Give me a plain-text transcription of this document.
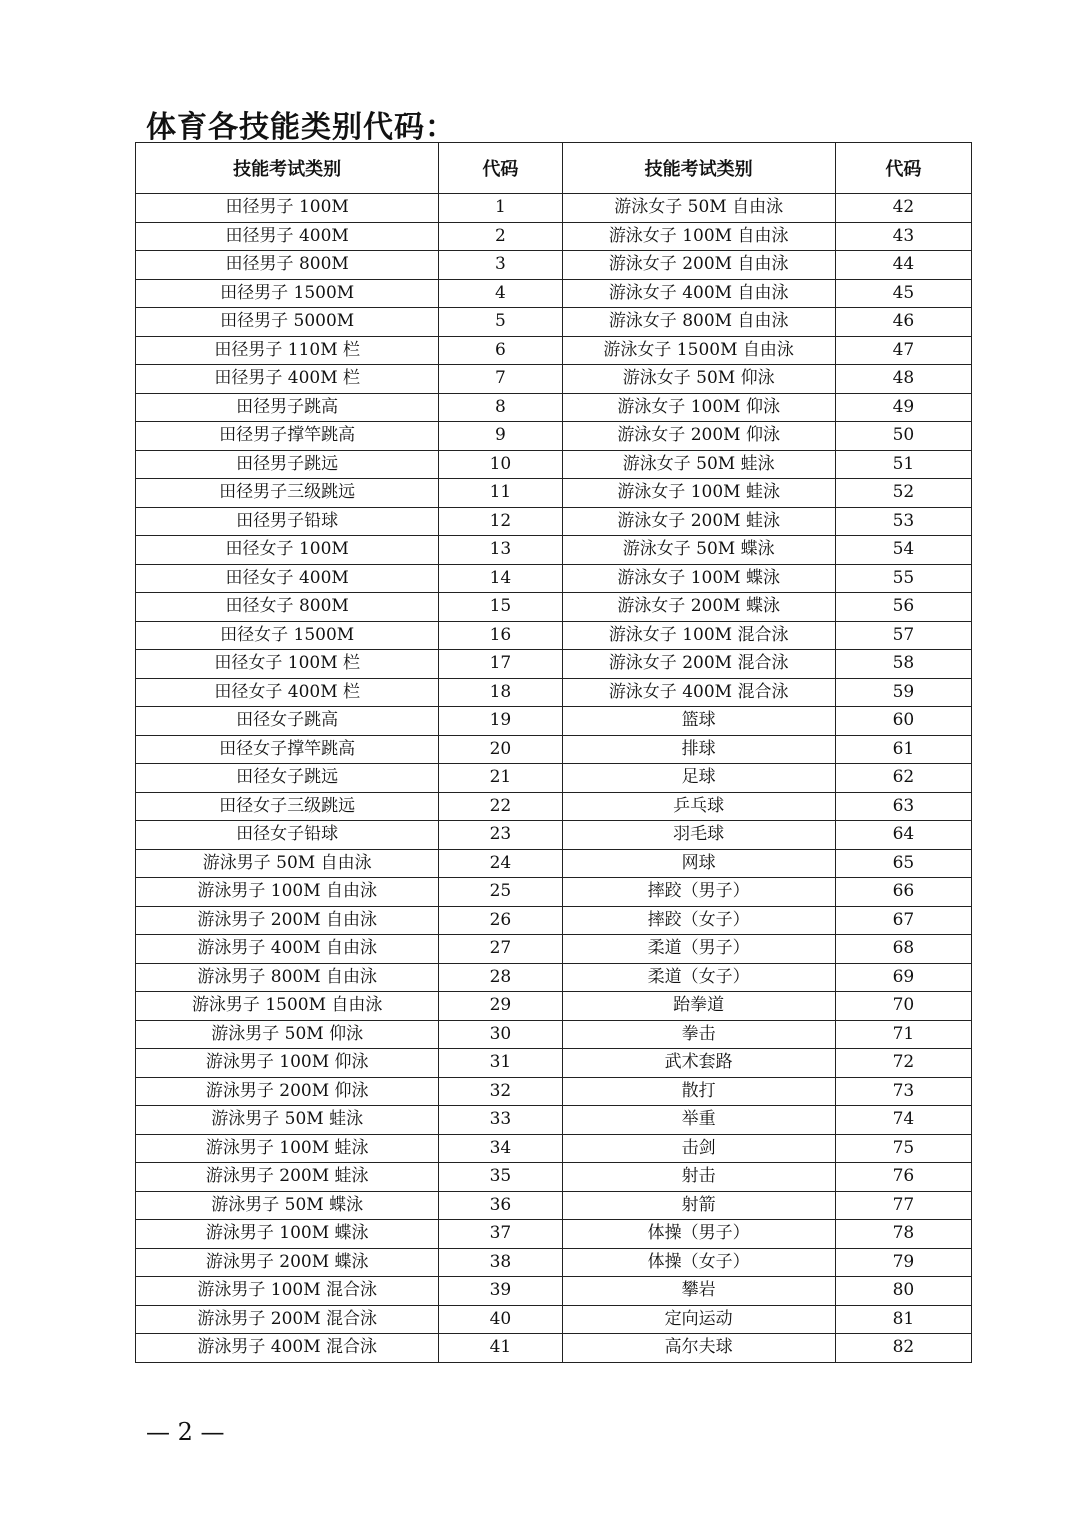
体育各技能类别代码：
技能考试类别	代码	技能考试类别	代码
田径男子 100M	1	游泳女子 50M 自由泳	42
田径男子 400M	2	游泳女子 100M 自由泳	43
田径男子 800M	3	游泳女子 200M 自由泳	44
田径男子 1500M	4	游泳女子 400M 自由泳	45
田径男子 5000M	5	游泳女子 800M 自由泳	46
田径男子 110M 栏	6	游泳女子 1500M 自由泳	47
田径男子 400M 栏	7	游泳女子 50M 仰泳	48
田径男子跳高	8	游泳女子 100M 仰泳	49
田径男子撑竿跳高	9	游泳女子 200M 仰泳	50
田径男子跳远	10	游泳女子 50M 蛙泳	51
田径男子三级跳远	11	游泳女子 100M 蛙泳	52
田径男子铅球	12	游泳女子 200M 蛙泳	53
田径女子 100M	13	游泳女子 50M 蝶泳	54
田径女子 400M	14	游泳女子 100M 蝶泳	55
田径女子 800M	15	游泳女子 200M 蝶泳	56
田径女子 1500M	16	游泳女子 100M 混合泳	57
田径女子 100M 栏	17	游泳女子 200M 混合泳	58
田径女子 400M 栏	18	游泳女子 400M 混合泳	59
田径女子跳高	19	篮球	60
田径女子撑竿跳高	20	排球	61
田径女子跳远	21	足球	62
田径女子三级跳远	22	乒乓球	63
田径女子铅球	23	羽毛球	64
游泳男子 50M 自由泳	24	网球	65
游泳男子 100M 自由泳	25	摔跤（男子）	66
游泳男子 200M 自由泳	26	摔跤（女子）	67
游泳男子 400M 自由泳	27	柔道（男子）	68
游泳男子 800M 自由泳	28	柔道（女子）	69
游泳男子 1500M 自由泳	29	跆拳道	70
游泳男子 50M 仰泳	30	拳击	71
游泳男子 100M 仰泳	31	武术套路	72
游泳男子 200M 仰泳	32	散打	73
游泳男子 50M 蛙泳	33	举重	74
游泳男子 100M 蛙泳	34	击剑	75
游泳男子 200M 蛙泳	35	射击	76
游泳男子 50M 蝶泳	36	射箭	77
游泳男子 100M 蝶泳	37	体操（男子）	78
游泳男子 200M 蝶泳	38	体操（女子）	79
游泳男子 100M 混合泳	39	攀岩	80
游泳男子 200M 混合泳	40	定向运动	81
游泳男子 400M 混合泳	41	高尔夫球	82
— 2 —
